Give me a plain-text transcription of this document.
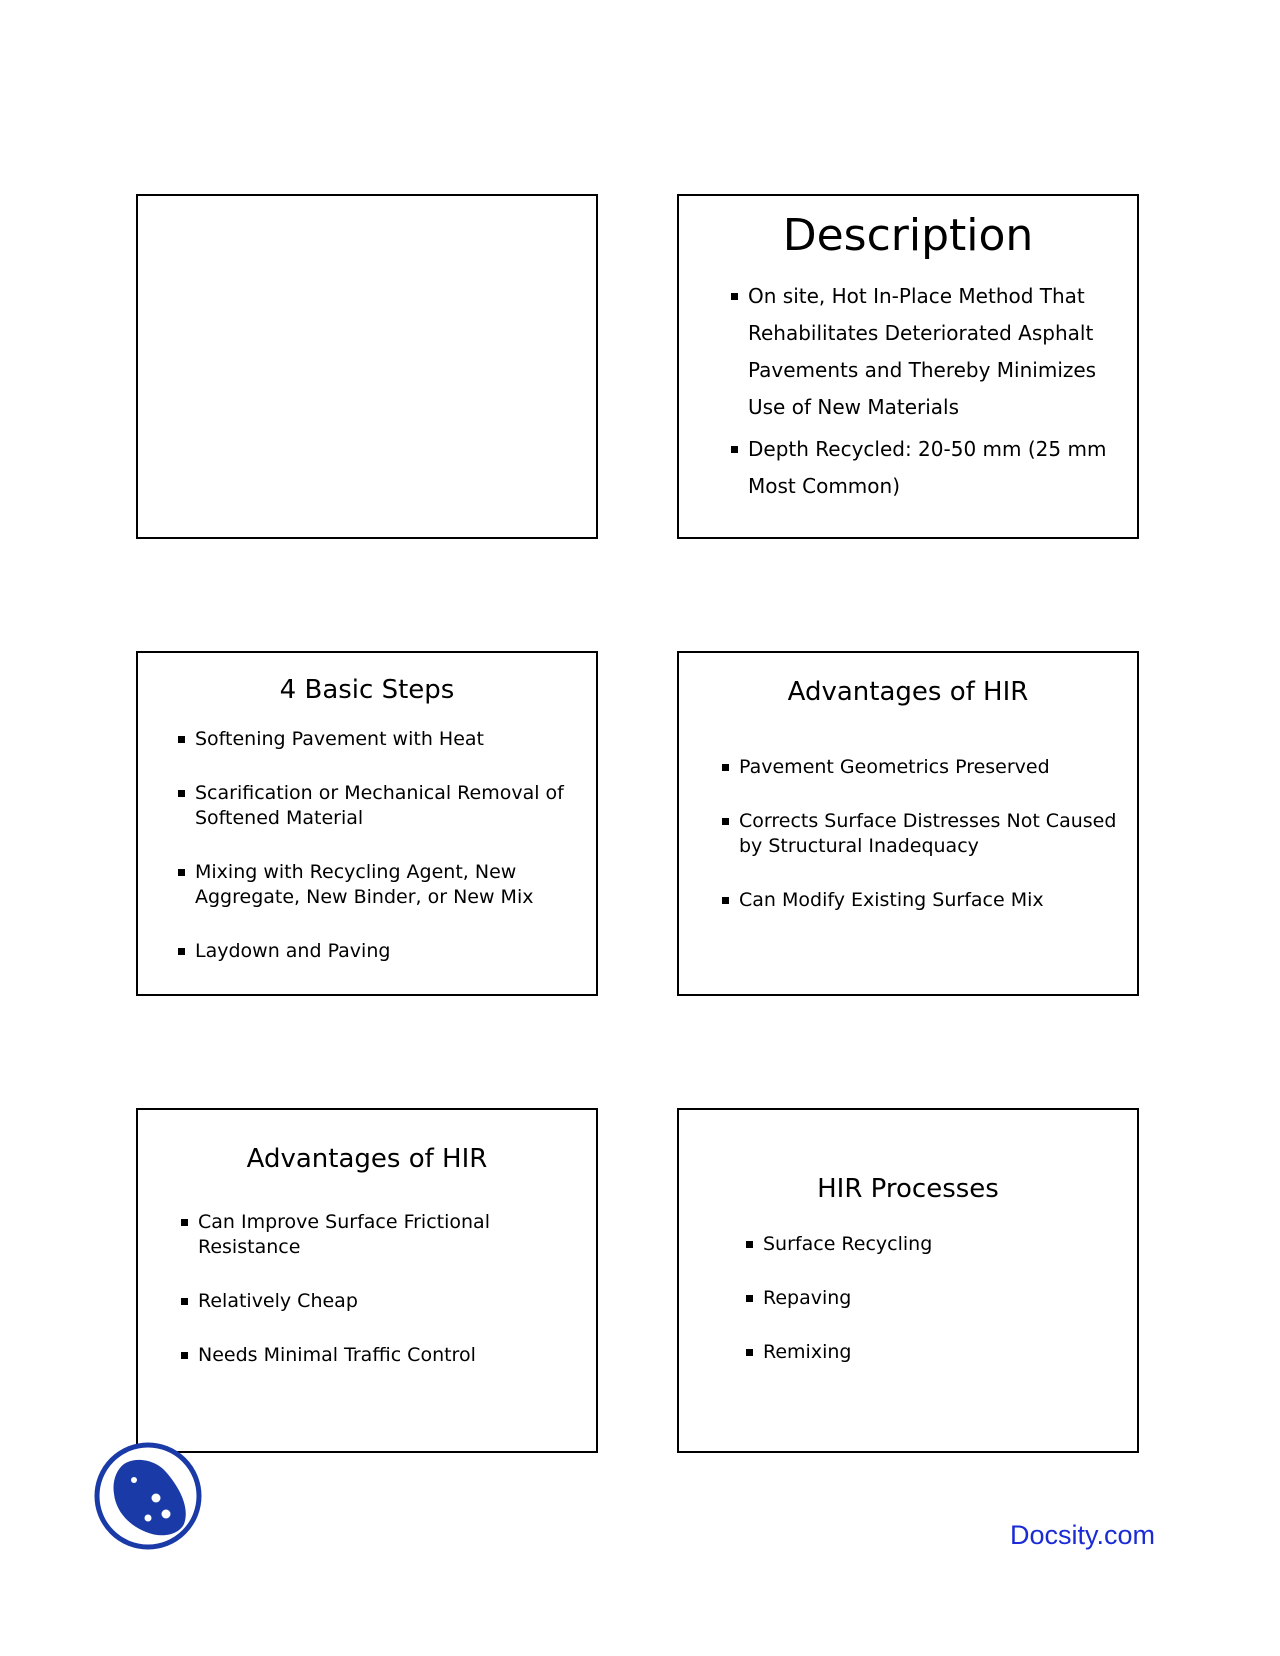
Description
On site, Hot In-Place Method That Rehabilitates Deteriorated Asphalt Pavements and Thereby Minimizes Use of New Materials
Depth Recycled: 20-50 mm (25 mm Most Common)
4 Basic Steps
Softening Pavement with Heat
Scarification or Mechanical Removal of Softened Material
Mixing with Recycling Agent, New Aggregate, New Binder, or New Mix
Laydown and Paving
Advantages of HIR
Pavement Geometrics Preserved
Corrects Surface Distresses Not Caused by Structural Inadequacy
Can Modify Existing Surface Mix
Advantages of HIR
Can Improve Surface Frictional Resistance
Relatively Cheap
Needs Minimal Traffic Control
HIR Processes
Surface Recycling
Repaving
Remixing
Docsity.com
